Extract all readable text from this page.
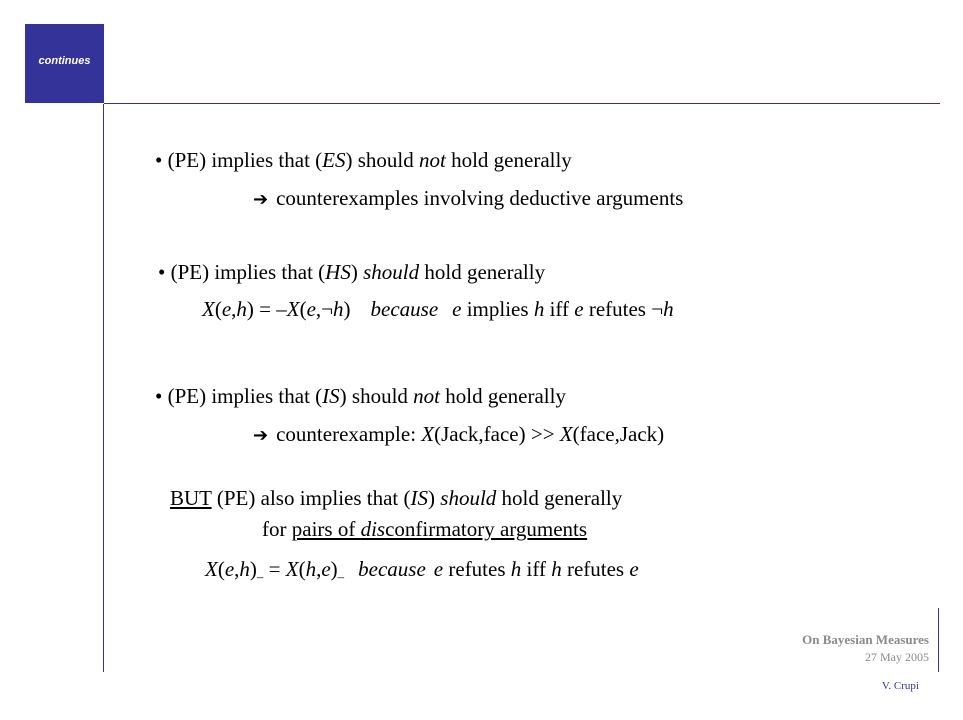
continues
• (PE) implies that (ES) should not hold generally
➔ counterexamples involving deductive arguments
• (PE) implies that (HS) should hold generally
X(e,h) = –X(e,¬h) because e implies h iff e refutes ¬h
• (PE) implies that (IS) should not hold generally
➔ counterexample: X(Jack,face) >> X(face,Jack)
BUT (PE) also implies that (IS) should hold generally
for pairs of disconfirmatory arguments
$X(e,h)_- = X(h,e)_-$ because e refutes h iff h refutes e
On Bayesian Measures
27 May 2005
V. Crupi
